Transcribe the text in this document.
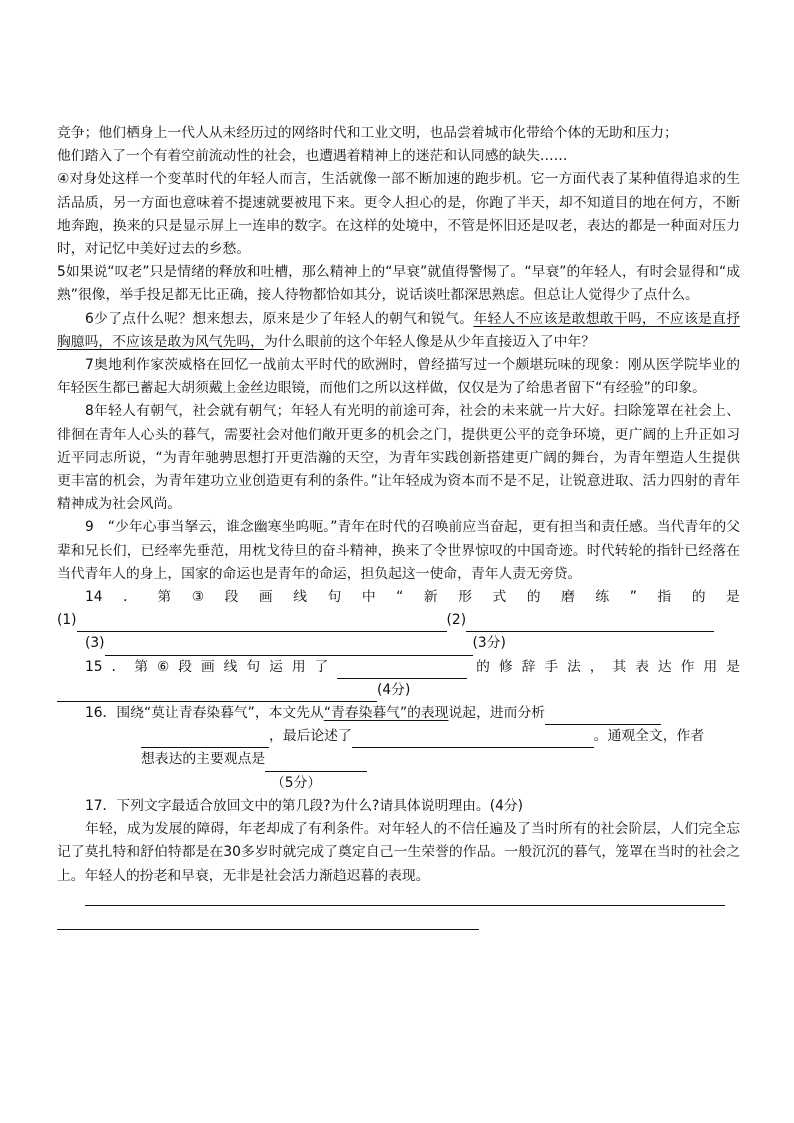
竞争；他们栖身上一代人从未经历过的网络时代和工业文明，也品尝着城市化带给个体的无助和压力；

他们踏入了一个有着空前流动性的社会，也遭遇着精神上的迷茫和认同感的缺失……

④对身处这样一个变革时代的年轻人而言，生活就像一部不断加速的跑步机。它一方面代表了某种值得追求的生活品质，另一方面也意味着不提速就要被甩下来。更令人担心的是，你跑了半天，却不知道目的地在何方，不断地奔跑，换来的只是显示屏上一连串的数字。在这样的处境中，不管是怀旧还是叹老，表达的都是一种面对压力时，对记忆中美好过去的乡愁。

5如果说“叹老”只是情绪的释放和吐槽，那么精神上的“早衰”就值得警惕了。“早衰”的年轻人，有时会显得和“成熟”很像，举手投足都无比正确，接人待物都恰如其分，说话谈吐都深思熟虑。但总让人觉得少了点什么。

6少了点什么呢？想来想去，原来是少了年轻人的朝气和锐气。年轻人不应该是敢想敢干吗，不应该是直抒胸臆吗，不应该是敢为风气先吗，为什么眼前的这个年轻人像是从少年直接迈入了中年？

7奥地利作家茨威格在回忆一战前太平时代的欧洲时，曾经描写过一个颇堪玩味的现象：刚从医学院毕业的年轻医生都已蓄起大胡须戴上金丝边眼镜，而他们之所以这样做，仅仅是为了给患者留下“有经验”的印象。

8年轻人有朝气，社会就有朝气；年轻人有光明的前途可奔，社会的未来就一片大好。扫除笼罩在社会上、徘徊在青年人心头的暮气，需要社会对他们敞开更多的机会之门，提供更公平的竞争环境，更广阔的上升正如习近平同志所说，“为青年驰骋思想打开更浩瀚的天空，为青年实践创新搭建更广阔的舞台，为青年塑造人生提供更丰富的机会，为青年建功立业创造更有利的条件。”让年轻成为资本而不是不足，让锐意进取、活力四射的青年精神成为社会风尚。

9　“少年心事当拏云，谁念幽寒坐呜呃。”青年在时代的召唤前应当奋起，更有担当和责任感。当代青年的父辈和兄长们，已经率先垂范，用枕戈待旦的奋斗精神，换来了令世界惊叹的中国奇迹。时代转轮的指针已经落在当代青年人的身上，国家的命运也是青年的命运，担负起这一使命，青年人责无旁贷。

14 ． 第 ③ 段 画 线 句 中 “ 新 形 式 的 磨 练 ” 指 的 是
(1)	(2)
(3)	(3分)
15 ． 第 ⑥ 段 画 线 句 运 用 了	的 修 辞 手 法 ， 其 表 达 作 用 是
(4分)
16．围绕“莫让青春染暮气”，本文先从 “青春染暮气”的表现 说起，进而分析
，最后论述了	。通观全文，作者
想表达的主要观点是
（5分）

17．下列文字最适合放回文中的第几段?为什么?请具体说明理由。(4分)

年轻，成为发展的障碍，年老却成了有利条件。对年轻人的不信任遍及了当时所有的社会阶层，人们完全忘记了莫扎特和舒伯特都是在30多岁时就完成了奠定自己一生荣誉的作品。一般沉沉的暮气，笼罩在当时的社会之上。年轻人的扮老和早衰，无非是社会活力渐趋迟暮的表现。
